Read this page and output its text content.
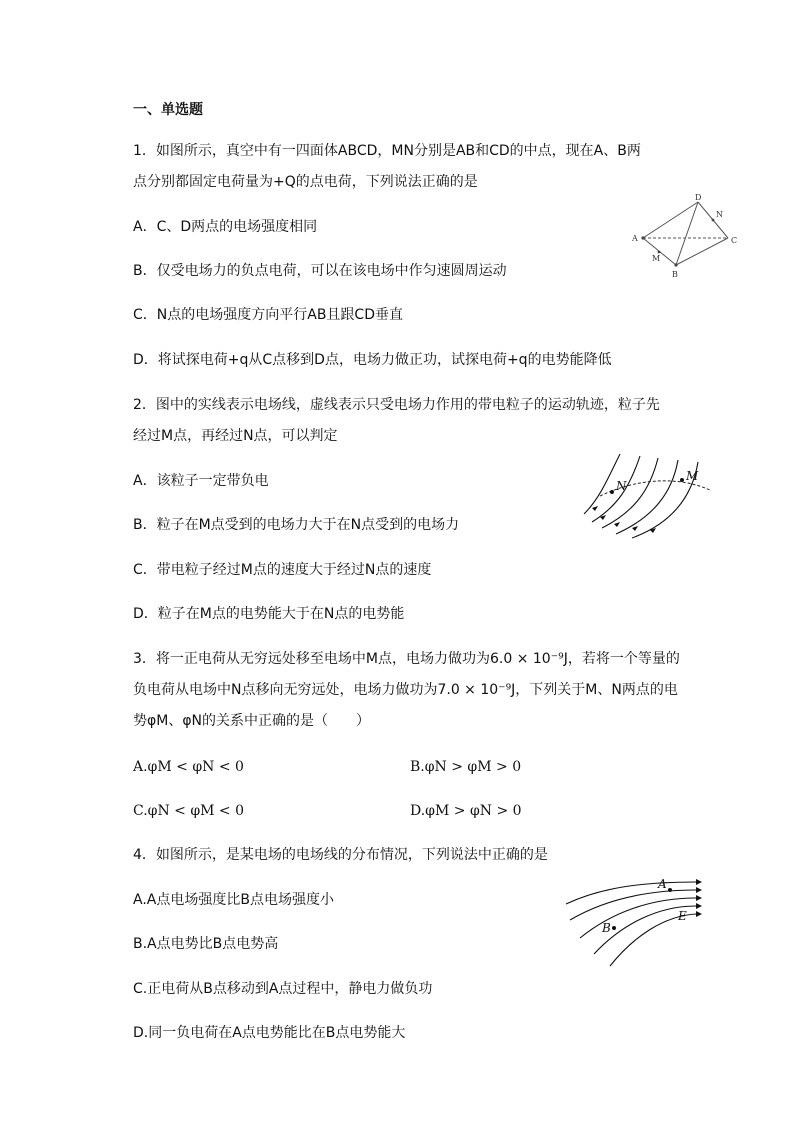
一、单选题
1．如图所示，真空中有一四面体ABCD，MN分别是AB和CD的中点，现在A、B两
点分别都固定电荷量为+Q的点电荷，下列说法正确的是
A．C、D两点的电场强度相同
B．仅受电场力的负点电荷，可以在该电场中作匀速圆周运动
C．N点的电场强度方向平行AB且跟CD垂直
D．将试探电荷+q从C点移到D点，电场力做正功，试探电荷+q的电势能降低
A
B
C
D
M
N
2．图中的实线表示电场线，虚线表示只受电场力作用的带电粒子的运动轨迹，粒子先
经过M点，再经过N点，可以判定
A．该粒子一定带负电
B．粒子在M点受到的电场力大于在N点受到的电场力
C．带电粒子经过M点的速度大于经过N点的速度
D．粒子在M点的电势能大于在N点的电势能
N
M
3．将一正电荷从无穷远处移至电场中M点，电场力做功为6.0 × 10⁻⁹J，若将一个等量的
负电荷从电场中N点移向无穷远处，电场力做功为7.0 × 10⁻⁹J，下列关于M、N两点的电
势φM、φN的关系中正确的是（　　）
A.φM < φN < 0	B.φN > φM > 0
C.φN < φM < 0	D.φM > φN > 0
4．如图所示，是某电场的电场线的分布情况，下列说法中正确的是
A.A点电场强度比B点电场强度小
B.A点电势比B点电势高
C.正电荷从B点移动到A点过程中，静电力做负功
D.同一负电荷在A点电势能比在B点电势能大
A
B
E
